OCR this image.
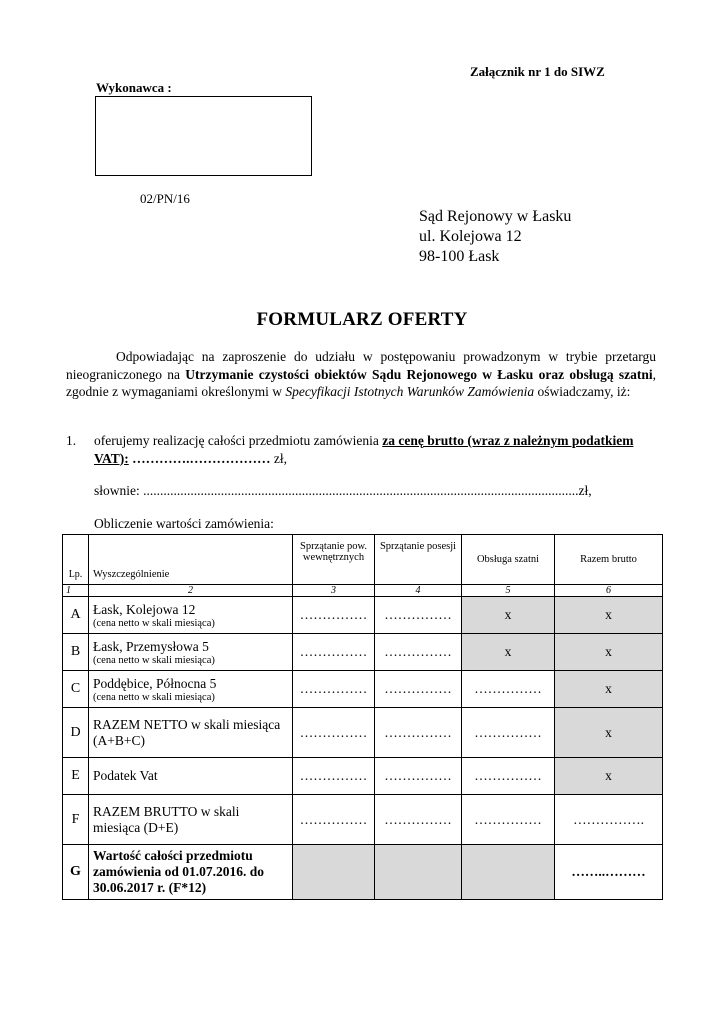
Załącznik nr 1 do SIWZ
Wykonawca :
02/PN/16
Sąd Rejonowy w Łasku
ul. Kolejowa 12
98-100 Łask
FORMULARZ OFERTY

Odpowiadając na zaproszenie do udziału w postępowaniu prowadzonym w trybie przetargu nieograniczonego na Utrzymanie czystości obiektów Sądu Rejonowego w Łasku oraz obsługą szatni, zgodnie z wymaganiami określonymi w Specyfikacji Istotnych Warunków Zamówienia oświadczamy, iż:

1. oferujemy realizację całości przedmiotu zamówienia za cenę brutto (wraz z należnym podatkiem VAT): ………….……………… zł,
słownie: .................................................................................................................................zł,
Obliczenie wartości zamówienia:
Lp.	Wyszczególnienie	Sprzątanie pow. wewnętrznych	Sprzątanie posesji	Obsługa szatni	Razem brutto
1	2	3	4	5	6
A	Łask, Kolejowa 12
(cena netto w skali miesiąca)	……………	……………	x	x
B	Łask, Przemysłowa 5
(cena netto w skali miesiąca)	……………	……………	x	x
C	Poddębice, Północna 5
(cena netto w skali miesiąca)	……………	……………	……………	x
D	RAZEM NETTO w skali miesiąca (A+B+C)	……………	……………	……………	x
E	Podatek Vat	……………	……………	……………	x
F	RAZEM BRUTTO w skali miesiąca (D+E)	……………	……………	……………	…………….
G	Wartość całości przedmiotu zamówienia od 01.07.2016. do 30.06.2017 r. (F*12)				……..………
